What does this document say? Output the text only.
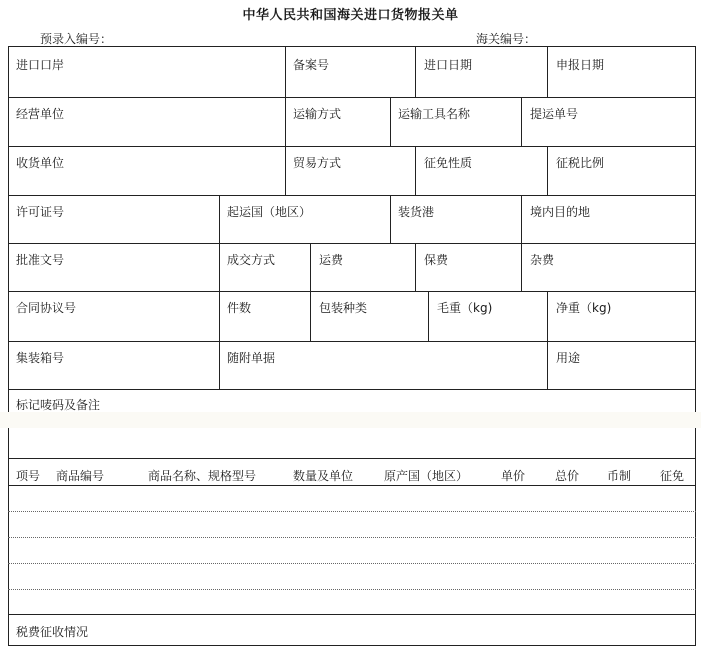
中华人民共和国海关进口货物报关单
预录入编号：	海关编号：
进口口岸	备案号	进口日期	申报日期
经营单位	运输方式	运输工具名称	提运单号
收货单位	贸易方式	征免性质	征税比例
许可证号	起运国（地区）	装货港	境内目的地
批准文号	成交方式	运费	保费	杂费
合同协议号	件数	包装种类	毛重（kg)	净重（kg)
集装箱号	随附单据	用途
标记唛码及备注
项号 商品编号	商品名称、规格型号	数量及单位	原产国（地区）	单价 总价 币制 征免
税费征收情况
